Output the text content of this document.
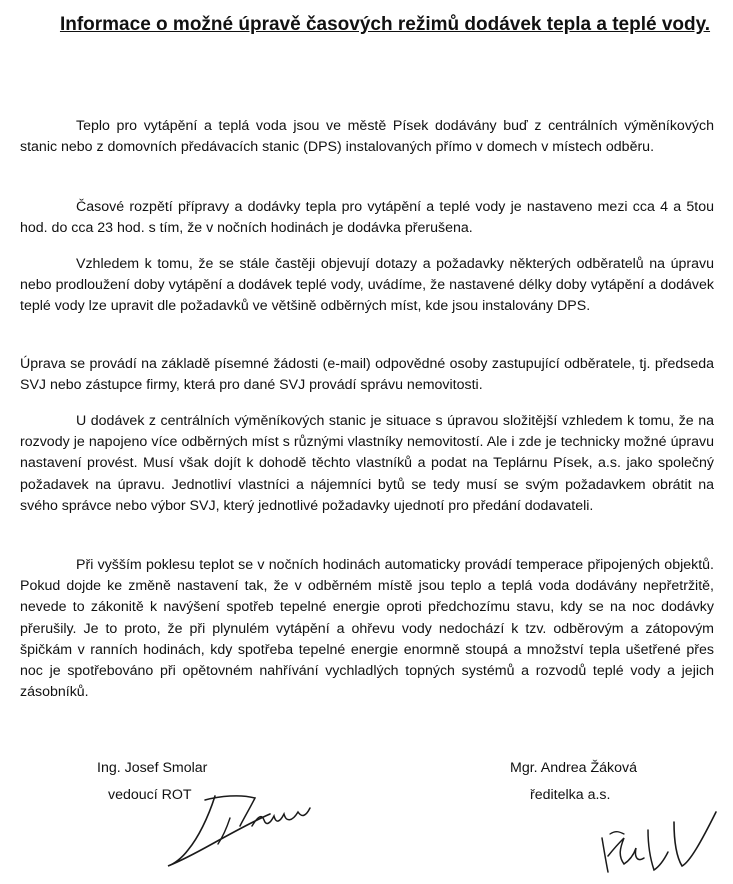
Informace o možné úpravě časových režimů dodávek tepla a teplé vody.

Teplo pro vytápění a teplá voda jsou ve městě Písek dodávány buď z centrálních výměníkových stanic nebo z domovních předávacích stanic (DPS) instalovaných přímo v domech v místech odběru.

Časové rozpětí přípravy a dodávky tepla pro vytápění a teplé vody je nastaveno mezi cca 4 a 5tou hod. do cca 23 hod. s tím, že v nočních hodinách je dodávka přerušena.

Vzhledem k tomu, že se stále častěji objevují dotazy a požadavky některých odběratelů na úpravu nebo prodloužení doby vytápění a dodávek teplé vody, uvádíme, že nastavené délky doby vytápění a dodávek teplé vody lze upravit dle požadavků ve většině odběrných míst, kde jsou instalovány DPS.

Úprava se provádí na základě písemné žádosti (e-mail) odpovědné osoby zastupující odběratele, tj. předseda SVJ nebo zástupce firmy, která pro dané SVJ provádí správu nemovitosti.

U dodávek z centrálních výměníkových stanic je situace s úpravou složitější vzhledem k tomu, že na rozvody je napojeno více odběrných míst s různými vlastníky nemovitostí. Ale i zde je technicky možné úpravu nastavení provést. Musí však dojít k dohodě těchto vlastníků a podat na Teplárnu Písek, a.s. jako společný požadavek na úpravu. Jednotliví vlastníci a nájemníci bytů se tedy musí se svým požadavkem obrátit na svého správce nebo výbor SVJ, který jednotlivé požadavky ujednotí pro předání dodavateli.

Při vyšším poklesu teplot se v nočních hodinách automaticky provádí temperace připojených objektů. Pokud dojde ke změně nastavení tak, že v odběrném místě jsou teplo a teplá voda dodávány nepřetržitě, nevede to zákonitě k navýšení spotřeb tepelné energie oproti předchozímu stavu, kdy se na noc dodávky přerušily. Je to proto, že při plynulém vytápění a ohřevu vody nedochází k tzv. odběrovým a zátopovým špičkám v ranních hodinách, kdy spotřeba tepelné energie enormně stoupá a množství tepla ušetřené přes noc je spotřebováno při opětovném nahřívání vychladlých topných systémů a rozvodů teplé vody a jejich zásobníků.

Ing. Josef Smolar
vedoucí ROT
Mgr. Andrea Žáková
ředitelka a.s.
